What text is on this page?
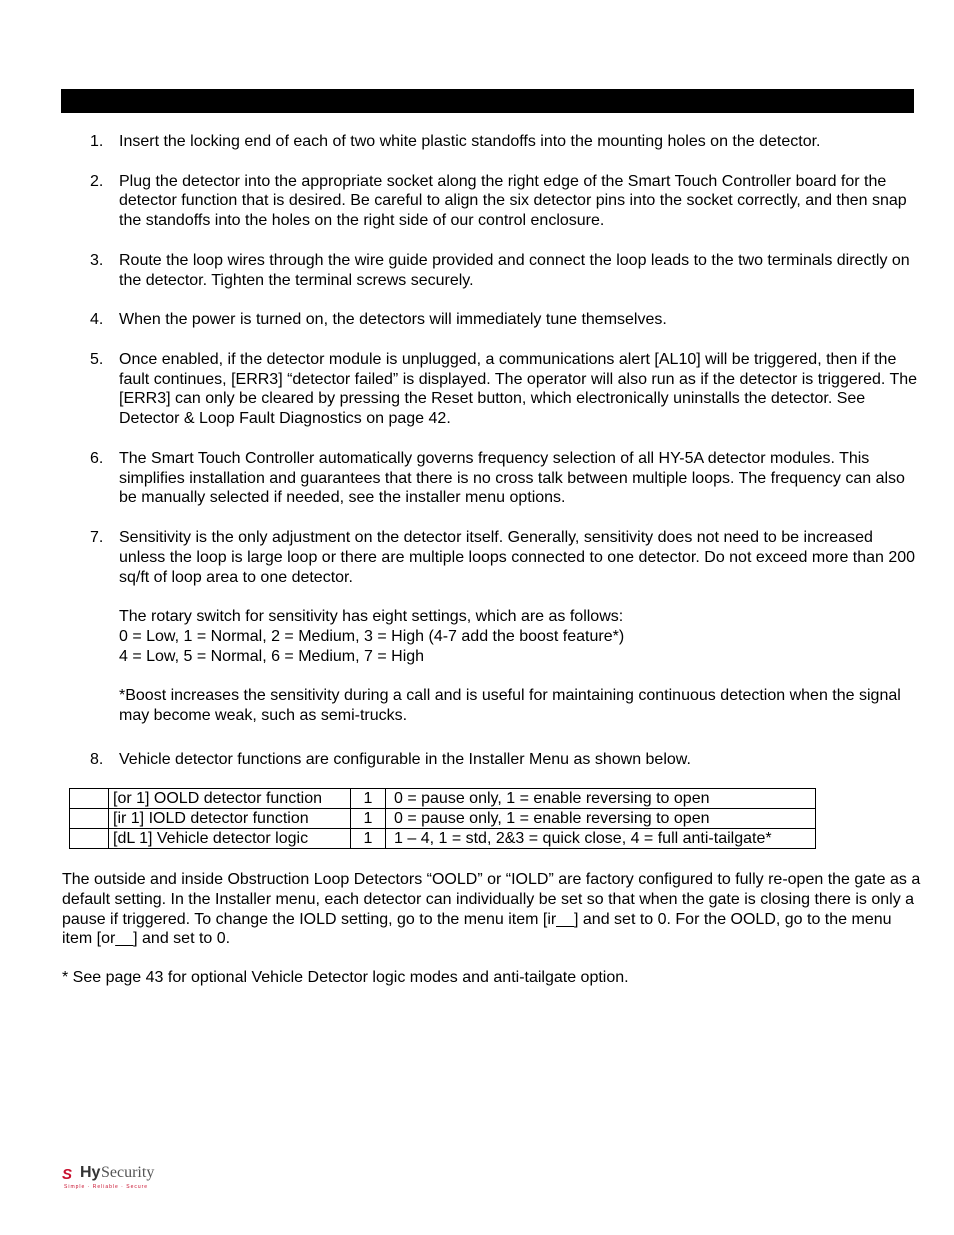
1. Insert the locking end of each of two white plastic standoffs into the mounting holes on the detector.

2. Plug the detector into the appropriate socket along the right edge of the Smart Touch Controller board for the detector function that is desired. Be careful to align the six detector pins into the socket correctly, and then snap the standoffs into the holes on the right side of our control enclosure.

3. Route the loop wires through the wire guide provided and connect the loop leads to the two terminals directly on the detector. Tighten the terminal screws securely.

4. When the power is turned on, the detectors will immediately tune themselves.

5. Once enabled, if the detector module is unplugged, a communications alert [AL10] will be triggered, then if the fault continues, [ERR3] “detector failed” is displayed. The operator will also run as if the detector is triggered. The [ERR3] can only be cleared by pressing the Reset button, which electronically uninstalls the detector. See Detector & Loop Fault Diagnostics on page 42.

6. The Smart Touch Controller automatically governs frequency selection of all HY-5A detector modules. This simplifies installation and guarantees that there is no cross talk between multiple loops. The frequency can also be manually selected if needed, see the installer menu options.

7. Sensitivity is the only adjustment on the detector itself. Generally, sensitivity does not need to be increased unless the loop is large loop or there are multiple loops connected to one detector. Do not exceed more than 200 sq/ft of loop area to one detector.

The rotary switch for sensitivity has eight settings, which are as follows:

0 = Low, 1 = Normal, 2 = Medium, 3 = High (4-7 add the boost feature*)

4 = Low, 5 = Normal, 6 = Medium, 7 = High

*Boost increases the sensitivity during a call and is useful for maintaining continuous detection when the signal may become weak, such as semi-trucks.

8. Vehicle detector functions are configurable in the Installer Menu as shown below.

	[or 1] OOLD detector function	1	0 = pause only, 1 = enable reversing to open
	[ir 1] IOLD detector function	1	0 = pause only, 1 = enable reversing to open
	[dL 1] Vehicle detector logic	1	1 – 4, 1 = std, 2&3 = quick close, 4 = full anti-tailgate*

The outside and inside Obstruction Loop Detectors “OOLD” or “IOLD” are factory configured to fully re-open the gate as a default setting. In the Installer menu, each detector can individually be set so that when the gate is closing there is only a pause if triggered. To change the IOLD setting, go to the menu item [ir__] and set to 0. For the OOLD, go to the menu item [or__] and set to 0.

* See page 43 for optional Vehicle Detector logic modes and anti-tailgate option.

S Hy Security
Simple · Reliable · Secure
